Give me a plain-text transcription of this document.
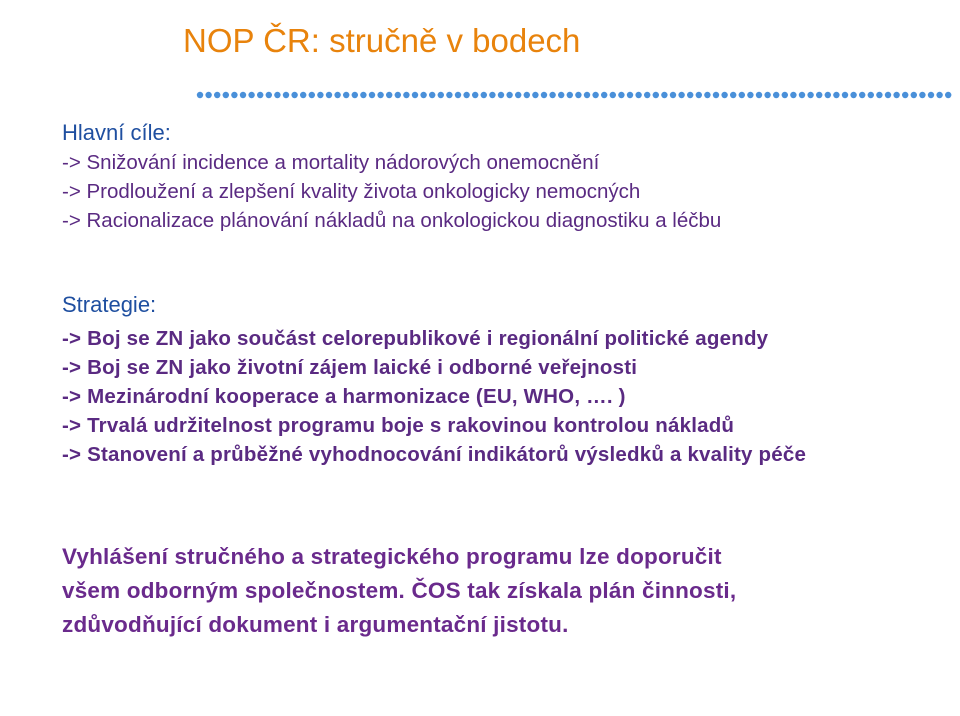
NOP ČR: stručně v bodech
Hlavní cíle:
-> Snižování incidence a mortality nádorových onemocnění
-> Prodloužení a zlepšení kvality života onkologicky nemocných
-> Racionalizace plánování nákladů na onkologickou diagnostiku a léčbu
Strategie:
-> Boj se ZN jako součást celorepublikové i regionální politické agendy
-> Boj se ZN jako životní zájem laické i odborné veřejnosti
-> Mezinárodní kooperace a harmonizace (EU, WHO, …. )
-> Trvalá udržitelnost programu boje s rakovinou kontrolou nákladů
-> Stanovení a průběžné vyhodnocování indikátorů výsledků a kvality péče
Vyhlášení stručného a strategického programu lze doporučit
všem odborným společnostem. ČOS tak získala plán činnosti,
zdůvodňující dokument i argumentační jistotu.
